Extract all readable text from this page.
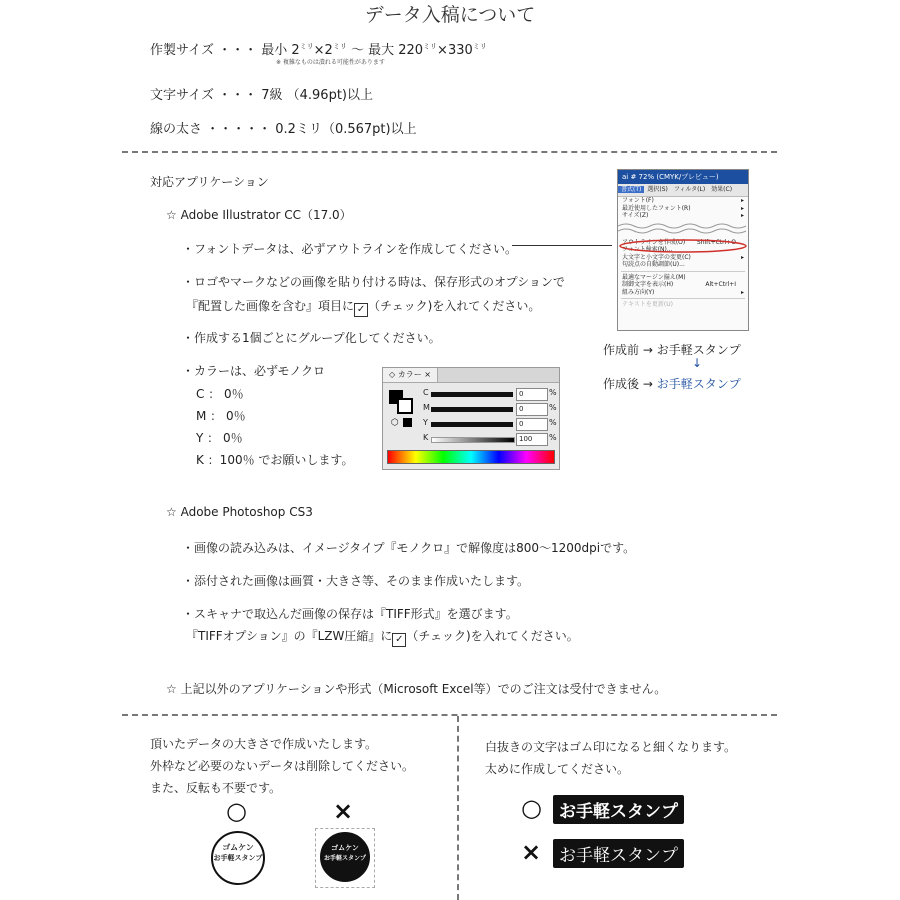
データ入稿について
作製サイズ ・・・ 最小 $2^{ミリ}\times 2^{ミリ}$ ～ 最大 $220^{ミリ}\times 330^{ミリ}$
※ 複雑なものは潰れる可能性があります
文字サイズ ・・・ 7級 （4.96pt)以上
線の太さ ・・・・・ 0.2ミリ（0.567pt)以上
対応アプリケーション
☆ Adobe Illustrator CC（17.0）
・フォントデータは、必ずアウトラインを作成してください。
・ロゴやマークなどの画像を貼り付ける時は、保存形式のオプションで
『配置した画像を含む』項目に ✓ （チェック)を入れてください。
・作成する1個ごとにグループ化してください。
・カラーは、必ずモノクロ
C ： 0％
M ： 0％
Y ： 0％
K ：100％ でお願いします。
ai # 72% (CMYK/プレビュー)
書式(T) 選択(S) フィルタ(L) 効果(C)
フォント(F)	▸
最近使用したフォント(R)	▸
サイズ(Z)	▸
アウトラインを作成(O) Shift+Ctrl+O
フォント検索(N)...
大文字と小文字の変更(C)	▸
句読点の自動調節(U)...
最適なマージン揃え(M)
制御文字を表示(H)	Alt+Ctrl+I
組み方向(Y)	▸
テキストを更新(U)
作成前 → お手軽スタンプ
↓
作成後 → お手軽スタンプ
◇ カラー ×
⬡
C	0	%
M	0	%
Y	0	%
K	100	%
☆ Adobe Photoshop CS3
・画像の読み込みは、イメージタイプ『モノクロ』で解像度は800～1200dpiです。
・添付された画像は画質・大きさ等、そのまま作成いたします。
・スキャナで取込んだ画像の保存は『TIFF形式』を選びます。
『TIFFオプション』の『LZW圧縮』に ✓ （チェック)を入れてください。
☆ 上記以外のアプリケーションや形式（Microsoft Excel等）でのご注文は受付できません。
頂いたデータの大きさで作成いたします。
外枠など必要のないデータは削除してください。
また、反転も不要です。
○	×
ゴムケン
お手軽スタンプ
ゴムケン
お手軽スタンプ
白抜きの文字はゴム印になると細くなります。
太めに作成してください。
○	お手軽スタンプ
×	お手軽スタンプ
